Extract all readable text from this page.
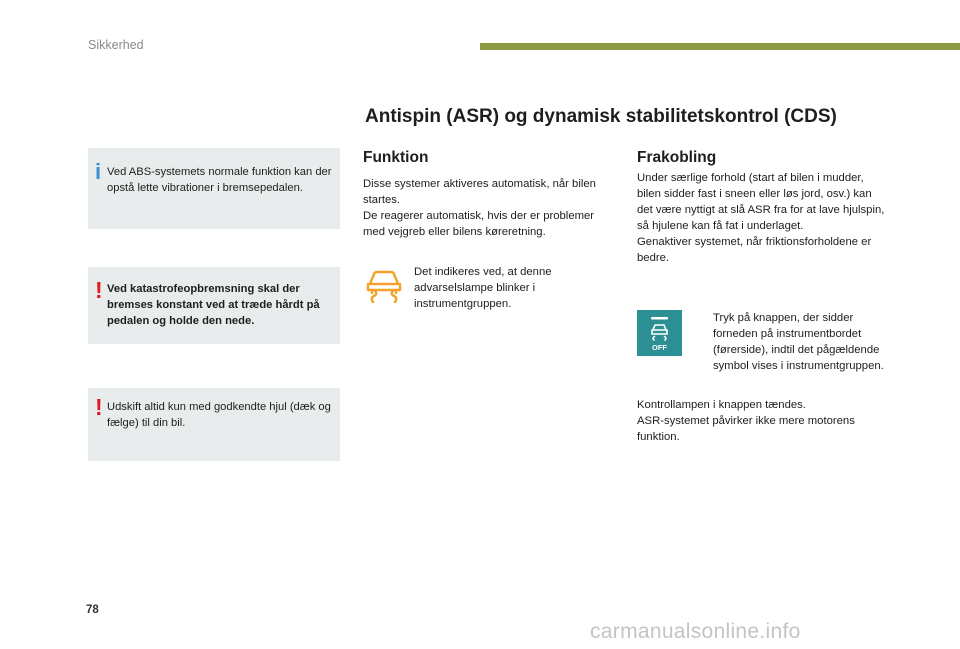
Sikkerhed
Antispin (ASR) og dynamisk stabilitetskontrol (CDS)
i Ved ABS-systemets normale funktion kan der opstå lette vibrationer i bremsepedalen.

! Ved katastrofeopbremsning skal der bremses konstant ved at træde hårdt på pedalen og holde den nede.

! Udskift altid kun med godkendte hjul (dæk og fælge) til din bil.

Funktion

Disse systemer aktiveres automatisk, når bilen startes.

De reagerer automatisk, hvis der er problemer med vejgreb eller bilens køreretning.

Det indikeres ved, at denne advarselslampe blinker i instrumentgruppen.

Frakobling

Under særlige forhold (start af bilen i mudder, bilen sidder fast i sneen eller løs jord, osv.) kan det være nyttigt at slå ASR fra for at lave hjulspin, så hjulene kan få fat i underlaget.

Genaktiver systemet, når friktionsforholdene er bedre.

OFF

Tryk på knappen, der sidder forneden på instrumentbordet (førerside), indtil det pågældende symbol vises i instrumentgruppen.

Kontrollampen i knappen tændes.

ASR-systemet påvirker ikke mere motorens funktion.

78
carmanualsonline.info
